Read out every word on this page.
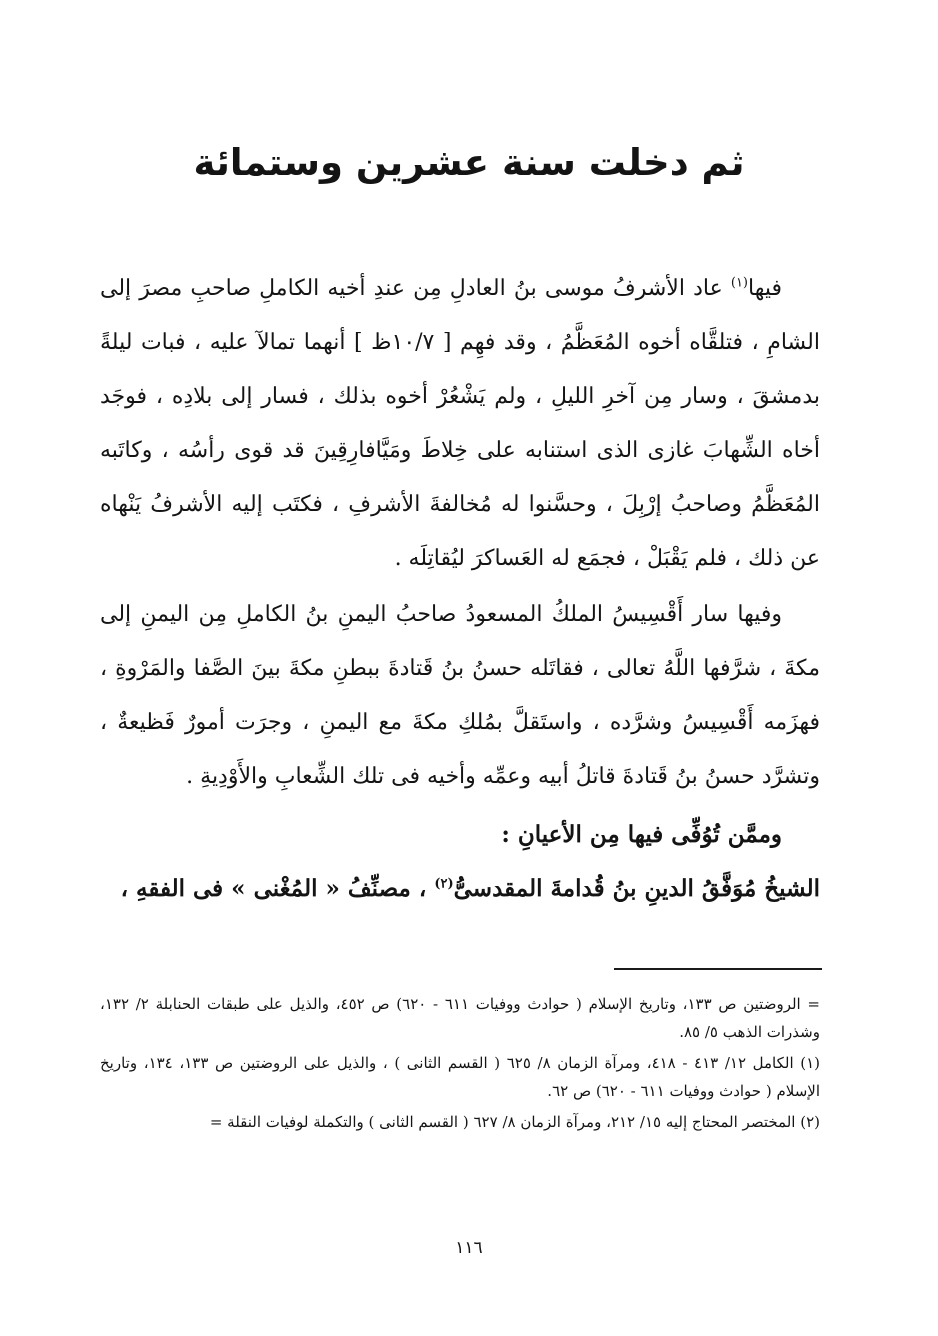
ثم دخلت سنة عشرين وستمائة

فيها$^{(١)}$ عاد الأشرفُ موسى بنُ العادلِ مِن عندِ أخيه الكاملِ صاحبِ مصرَ إلى الشامِ ، فتلقَّاه أخوه المُعَظَّمُ ، وقد فهِم [ ١٠/٧ظ ] أنهما تمالآ عليه ، فبات ليلةً بدمشقَ ، وسار مِن آخرِ الليلِ ، ولم يَشْعُرْ أخوه بذلك ، فسار إلى بلادِه ، فوجَد أخاه الشِّهابَ غازى الذى استنابه على خِلاطَ ومَيَّافارِقِينَ قد قوى رأسُه ، وكاتَبه المُعَظَّمُ وصاحبُ إرْبِلَ ، وحسَّنوا له مُخالفةَ الأشرفِ ، فكتَب إليه الأشرفُ يَنْهاه عن ذلك ، فلم يَقْبَلْ ، فجمَع له العَساكرَ ليُقاتِلَه .

وفيها سار أَقْسِيسُ الملكُ المسعودُ صاحبُ اليمنِ بنُ الكاملِ مِن اليمنِ إلى مكةَ ، شرَّفها اللَّهُ تعالى ، فقاتَله حسنُ بنُ قَتادةَ ببطنِ مكةَ بينَ الصَّفا والمَرْوةِ ، فهزَمه أَقْسِيسُ وشرَّده ، واستَقلَّ بمُلكِ مكةَ مع اليمنِ ، وجرَت أمورٌ فَظيعةٌ ، وتشرَّد حسنُ بنُ قَتادةَ قاتلُ أبيه وعمِّه وأخيه فى تلك الشِّعابِ والأَوْدِيةِ .

وممَّن تُوُفِّى فيها مِن الأعيانِ :

الشيخُ مُوَفَّقُ الدينِ بنُ قُدامةَ المقدسىُّ$^{(٢)}$ ، مصنِّفُ « المُغْنى » فى الفقهِ ،

= الروضتين ص ١٣٣، وتاريخ الإسلام ( حوادث ووفيات ٦١١ - ٦٢٠) ص ٤٥٢، والذيل على طبقات الحنابلة ٢/ ١٣٢، وشذرات الذهب ٥/ ٨٥.

(١) الكامل ١٢/ ٤١٣ - ٤١٨، ومرآة الزمان ٨/ ٦٢٥ ( القسم الثانى ) ، والذيل على الروضتين ص ١٣٣، ١٣٤، وتاريخ الإسلام ( حوادث ووفيات ٦١١ - ٦٢٠) ص ٦٢.

(٢) المختصر المحتاج إليه ١٥/ ٢١٢، ومرآة الزمان ٨/ ٦٢٧ ( القسم الثانى ) والتكملة لوفيات النقلة =

١١٦
